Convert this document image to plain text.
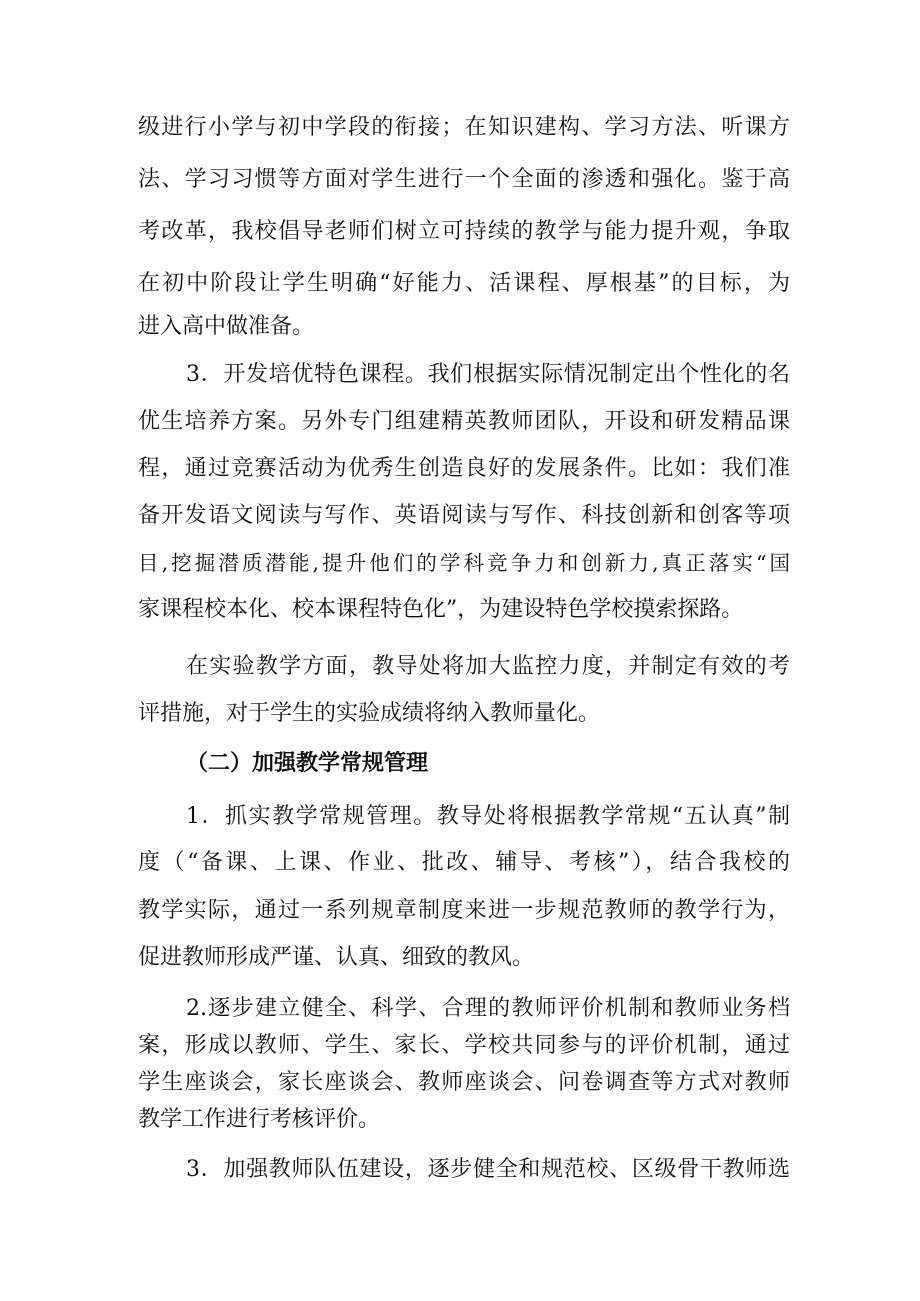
级进行小学与初中学段的衔接；在知识建构、学习方法、听课方
法、学习习惯等方面对学生进行一个全面的渗透和强化。鉴于高
考改革，我校倡导老师们树立可持续的教学与能力提升观，争取
在初中阶段让学生明确“好能力、活课程、厚根基”的目标，为
进入高中做准备。
3．开发培优特色课程。我们根据实际情况制定出个性化的名
优生培养方案。另外专门组建精英教师团队，开设和研发精品课
程，通过竞赛活动为优秀生创造良好的发展条件。比如：我们准
备开发语文阅读与写作、英语阅读与写作、科技创新和创客等项
目,挖掘潜质潜能,提升他们的学科竞争力和创新力,真正落实“国
家课程校本化、校本课程特色化”，为建设特色学校摸索探路。
在实验教学方面，教导处将加大监控力度，并制定有效的考
评措施，对于学生的实验成绩将纳入教师量化。
（二）加强教学常规管理
1．抓实教学常规管理。教导处将根据教学常规“五认真”制
度（“备课、上课、作业、批改、辅导、考核”），结合我校的
教学实际，通过一系列规章制度来进一步规范教师的教学行为，
促进教师形成严谨、认真、细致的教风。
2.逐步建立健全、科学、合理的教师评价机制和教师业务档
案，形成以教师、学生、家长、学校共同参与的评价机制，通过
学生座谈会，家长座谈会、教师座谈会、问卷调查等方式对教师
教学工作进行考核评价。
3．加强教师队伍建设，逐步健全和规范校、区级骨干教师选
